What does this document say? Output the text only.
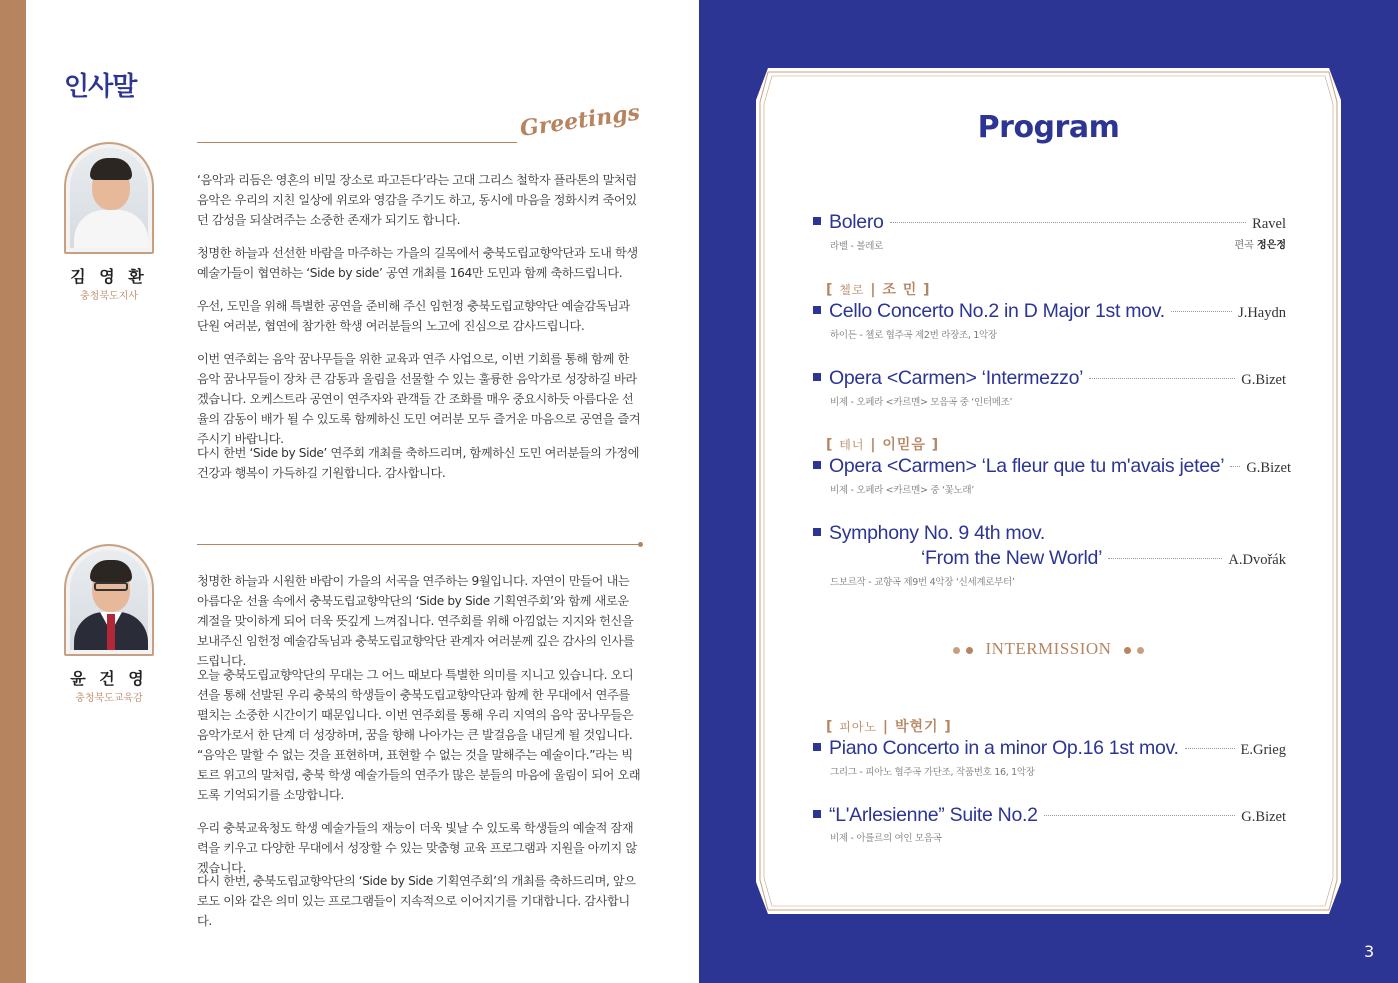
인사말
Greetings
김 영 환
충청북도지사
‘음악과 리듬은 영혼의 비밀 장소로 파고든다’라는 고대 그리스 철학자 플라톤의 말처럼 음악은 우리의 지친 일상에 위로와 영감을 주기도 하고, 동시에 마음을 정화시켜 죽어있던 감성을 되살려주는 소중한 존재가 되기도 합니다.
청명한 하늘과 선선한 바람을 마주하는 가을의 길목에서 충북도립교향악단과 도내 학생 예술가들이 협연하는 ‘Side by side’ 공연 개최를 164만 도민과 함께 축하드립니다.
우선, 도민을 위해 특별한 공연을 준비해 주신 임헌정 충북도립교향악단 예술감독님과 단원 여러분, 협연에 참가한 학생 여러분들의 노고에 진심으로 감사드립니다.
이번 연주회는 음악 꿈나무들을 위한 교육과 연주 사업으로, 이번 기회를 통해 함께 한 음악 꿈나무들이 장차 큰 감동과 울림을 선물할 수 있는 훌륭한 음악가로 성장하길 바라겠습니다. 오케스트라 공연이 연주자와 관객들 간 조화를 매우 중요시하듯 아름다운 선율의 감동이 배가 될 수 있도록 함께하신 도민 여러분 모두 즐거운 마음으로 공연을 즐겨주시기 바랍니다.
다시 한번 ‘Side by Side’ 연주회 개최를 축하드리며, 함께하신 도민 여러분들의 가정에 건강과 행복이 가득하길 기원합니다. 감사합니다.
윤 건 영
충청북도교육감
청명한 하늘과 시원한 바람이 가을의 서곡을 연주하는 9월입니다. 자연이 만들어 내는 아름다운 선율 속에서 충북도립교향악단의 ‘Side by Side 기획연주회’와 함께 새로운 계절을 맞이하게 되어 더욱 뜻깊게 느껴집니다. 연주회를 위해 아낌없는 지지와 헌신을 보내주신 임헌정 예술감독님과 충북도립교향악단 관계자 여러분께 깊은 감사의 인사를 드립니다.
오늘 충북도립교향악단의 무대는 그 어느 때보다 특별한 의미를 지니고 있습니다. 오디션을 통해 선발된 우리 충북의 학생들이 충북도립교향악단과 함께 한 무대에서 연주를 펼치는 소중한 시간이기 때문입니다. 이번 연주회를 통해 우리 지역의 음악 꿈나무들은 음악가로서 한 단계 더 성장하며, 꿈을 향해 나아가는 큰 발걸음을 내딛게 될 것입니다. “음악은 말할 수 없는 것을 표현하며, 표현할 수 없는 것을 말해주는 예술이다.”라는 빅토르 위고의 말처럼, 충북 학생 예술가들의 연주가 많은 분들의 마음에 울림이 되어 오래도록 기억되기를 소망합니다.
우리 충북교육청도 학생 예술가들의 재능이 더욱 빛날 수 있도록 학생들의 예술적 잠재력을 키우고 다양한 무대에서 성장할 수 있는 맞춤형 교육 프로그램과 지원을 아끼지 않겠습니다.
다시 한번, 충북도립교향악단의 ‘Side by Side 기획연주회’의 개최를 축하드리며, 앞으로도 이와 같은 의미 있는 프로그램들이 지속적으로 이어지기를 기대합니다. 감사합니다.
Program
Bolero	Ravel
라벨 - 볼레로	편곡 정은정
[ 첼로 | 조 민 ]
Cello Concerto No.2 in D Major 1st mov.	J.Haydn
하이든 - 첼로 협주곡 제2번 라장조, 1악장
Opera <Carmen> ‘Intermezzo’	G.Bizet
비제 - 오페라 <카르멘> 모음곡 중 ‘인터메조’
[ 테너 | 이믿음 ]
Opera <Carmen> ‘La fleur que tu m'avais jetee’ G.Bizet
비제 - 오페라 <카르멘> 중 ‘꽃노래’
Symphony No. 9 4th mov.
‘From the New World’	A.Dvořák
드보르작 - 교향곡 제9번 4악장 ‘신세계로부터’
INTERMISSION
[ 피아노 | 박현기 ]
Piano Concerto in a minor Op.16 1st mov.	E.Grieg
그리그 - 피아노 협주곡 가단조, 작품번호 16, 1악장
“L'Arlesienne” Suite No.2	G.Bizet
비제 - 아를르의 여인 모음곡
3
